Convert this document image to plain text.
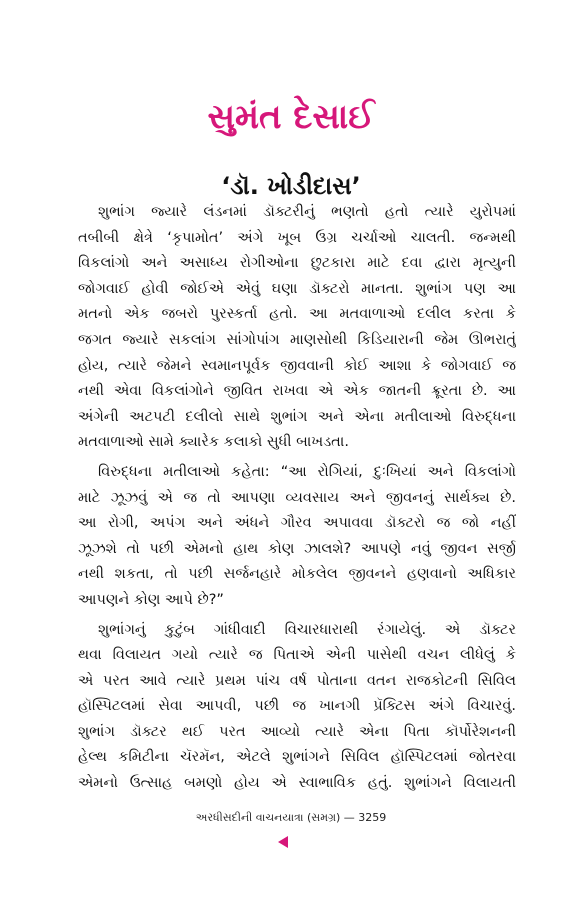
સુમંત દેસાઈ
‘ડૉ. ખોડીદાસ’

શુભાંગ જ્યારે લંડનમાં ડૉક્ટરીનું ભણતો હતો ત્યારે યુરોપમાં
તબીબી ક્ષેત્રે ‘કૃપામોત’ અંગે ખૂબ ઉગ્ર ચર્ચાઓ ચાલતી. જન્મથી
વિકલાંગો અને અસાધ્ય રોગીઓના છુટકારા માટે દવા દ્વારા મૃત્યુની
જોગવાઈ હોવી જોઈએ એવું ઘણા ડૉક્ટરો માનતા. શુભાંગ પણ આ
મતનો એક જબરો પુરસ્કર્તા હતો. આ મતવાળાઓ દલીલ કરતા કે
જગત જ્યારે સકલાંગ સાંગોપાંગ માણસોથી કિડિયારાની જેમ ઊભરાતું
હોય, ત્યારે જેમને સ્વમાનપૂર્વક જીવવાની કોઈ આશા કે જોગવાઈ જ
નથી એવા વિકલાંગોને જીવિત રાખવા એ એક જાતની ક્રૂરતા છે. આ
અંગેની અટપટી દલીલો સાથે શુભાંગ અને એના મતીલાઓ વિરુદ્ધના
મતવાળાઓ સામે ક્યારેક કલાકો સુધી બાખડતા.

વિરુદ્ધના મતીલાઓ કહેતા: “આ રોગિયાં, દુઃખિયાં અને વિકલાંગો
માટે ઝૂઝવું એ જ તો આપણા વ્યવસાય અને જીવનનું સાર્થક્ય છે.
આ રોગી, અપંગ અને અંધને ગૌરવ અપાવવા ડૉક્ટરો જ જો નહીં
ઝૂઝશે તો પછી એમનો હાથ કોણ ઝાલશે? આપણે નવું જીવન સર્જી
નથી શકતા, તો પછી સર્જનહારે મોકલેલ જીવનને હણવાનો અધિકાર
આપણને કોણ આપે છે?”

શુભાંગનું કુટુંબ ગાંધીવાદી વિચારધારાથી રંગાયેલું. એ ડૉક્ટર
થવા વિલાયત ગયો ત્યારે જ પિતાએ એની પાસેથી વચન લીધેલું કે
એ પરત આવે ત્યારે પ્રથમ પાંચ વર્ષ પોતાના વતન રાજકોટની સિવિલ
હૉસ્પિટલમાં સેવા આપવી, પછી જ ખાનગી પ્રૅક્ટિસ અંગે વિચારવું.
શુભાંગ ડૉક્ટર થઈ પરત આવ્યો ત્યારે એના પિતા કૉર્પોરેશનની
હેલ્થ કમિટીના ચૅરમૅન, એટલે શુભાંગને સિવિલ હૉસ્પિટલમાં જોતરવા
એમનો ઉત્સાહ બમણો હોય એ સ્વાભાવિક હતું. શુભાંગને વિલાયતી

અરધીસદીની વાચનયાત્રા (સમગ્ર) — 3259
